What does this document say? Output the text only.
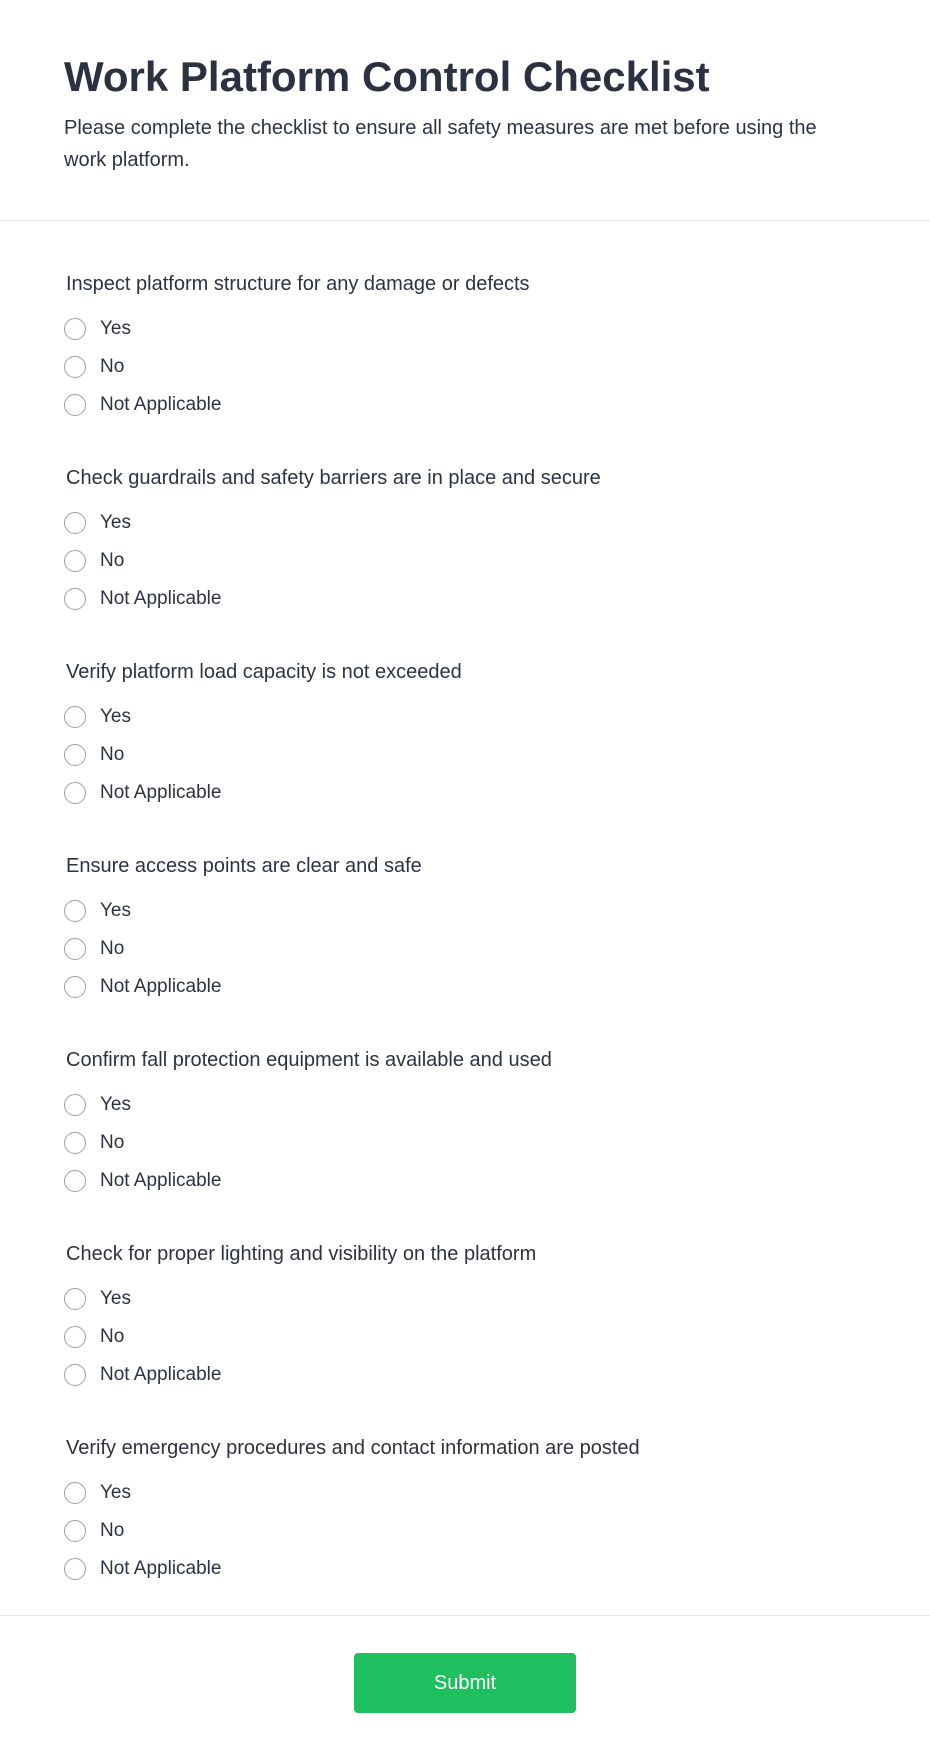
Work Platform Control Checklist

Please complete the checklist to ensure all safety measures are met before using the work platform.

Inspect platform structure for any damage or defects
Yes
No
Not Applicable
Check guardrails and safety barriers are in place and secure
Yes
No
Not Applicable
Verify platform load capacity is not exceeded
Yes
No
Not Applicable
Ensure access points are clear and safe
Yes
No
Not Applicable
Confirm fall protection equipment is available and used
Yes
No
Not Applicable
Check for proper lighting and visibility on the platform
Yes
No
Not Applicable
Verify emergency procedures and contact information are posted
Yes
No
Not Applicable
Submit
